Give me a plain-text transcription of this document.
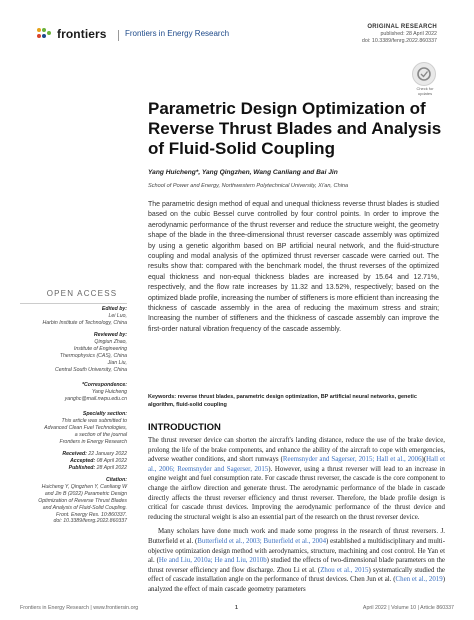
frontiers Frontiers in Energy Research
ORIGINAL RESEARCH
published: 28 April 2022
doi: 10.3389/fenrg.2022.860337
Check for updates
Parametric Design Optimization of Reverse Thrust Blades and Analysis of Fluid-Solid Coupling
Yang Huicheng*, Yang Qingzhen, Wang Canliang and Bai Jin
School of Power and Energy, Northwestern Polytechnical University, Xi'an, China
The parametric design method of equal and unequal thickness reverse thrust blades is studied based on the cubic Bessel curve controlled by four control points. In order to improve the aerodynamic performance of the thrust reverser and reduce the structure weight, the geometry shape of the blade in the three-dimensional thrust reverser cascade assembly was optimized by using a genetic algorithm based on BP artificial neural network, and the fluid-structure coupling and modal analysis of the optimized thrust reverser cascade were carried out. The results show that: compared with the benchmark model, the thrust reverses of the optimized equal thickness and non-equal thickness blades are increased by 15.64 and 12.71%, respectively, and the flow rate increases by 11.32 and 13.52%, respectively; based on the optimized blade profile, increasing the number of stiffeners is more efficient than increasing the thickness of cascade assembly in the area of reducing the maximum stress and strain; Increasing the number of stiffeners and the thickness of cascade assembly can improve the first-order natural vibration frequency of the cascade assembly.
Keywords: reverse thrust blades, parametric design optimization, BP artificial neural networks, genetic algorithm, fluid-solid coupling
OPEN ACCESS
Edited by:
Lei Luo,
Harbin Institute of Technology, China
Reviewed by:
Qingiun Zhao,
Institute of Engineering
Thermophysics (CAS), China
Jian Liu,
Central South University, China
*Correspondence:
Yang Huicheng
yanghc@mail.nwpu.edu.cn
Specialty section:
This article was submitted to
Advanced Clean Fuel Technologies,
a section of the journal
Frontiers in Energy Research
Received: 22 January 2022
Accepted: 08 April 2022
Published: 28 April 2022
Citation:
Huicheng Y, Qingzhen Y, Canliang W
and Jin B (2022) Parametric Design
Optimization of Reverse Thrust Blades
and Analysis of Fluid-Solid Coupling.
Front. Energy Res. 10:860337.
doi: 10.3389/fenrg.2022.860337
INTRODUCTION

The thrust reverser device can shorten the aircraft's landing distance, reduce the use of the brake device, prolong the life of the brake components, and enhance the ability of the aircraft to cope with emergencies, adverse weather conditions, and short runways (Reemsnyder and Sagerser, 2015; Hall et al., 2006)(Hall et al., 2006; Reemsnyder and Sagerser, 2015). However, using a thrust reverser will lead to an increase in engine weight and fuel consumption rate. For cascade thrust reverser, the cascade is the core component to change the airflow direction and generate thrust. The aerodynamic performance of the blade in cascade directly affects the thrust reverser efficiency and thrust reverser. Therefore, the blade profile design is critical for cascade thrust devices. Improving the aerodynamic performance of the thrust device and reducing the structural weight is also an essential part of the research on the thrust reverser device.

Many scholars have done much work and made some progress in the research of thrust reversers. J. Butterfield et al. (Butterfield et al., 2003; Butterfield et al., 2004) established a multidisciplinary and multi-objective optimization design method with aerodynamics, structure, machining and cost control. He Yan et al. (He and Liu, 2010a; He and Liu, 2010b) studied the effects of two-dimensional blade parameters on the thrust reverser efficiency and flow discharge. Zhou Li et al. (Zhou et al., 2015) systematically studied the effect of cascade installation angle on the performance of thrust devices. Chen Jun et al. (Chen et al., 2019) analyzed the effect of main cascade geometry parameters

Frontiers in Energy Research | www.frontiersin.org	1	April 2022 | Volume 10 | Article 860337
